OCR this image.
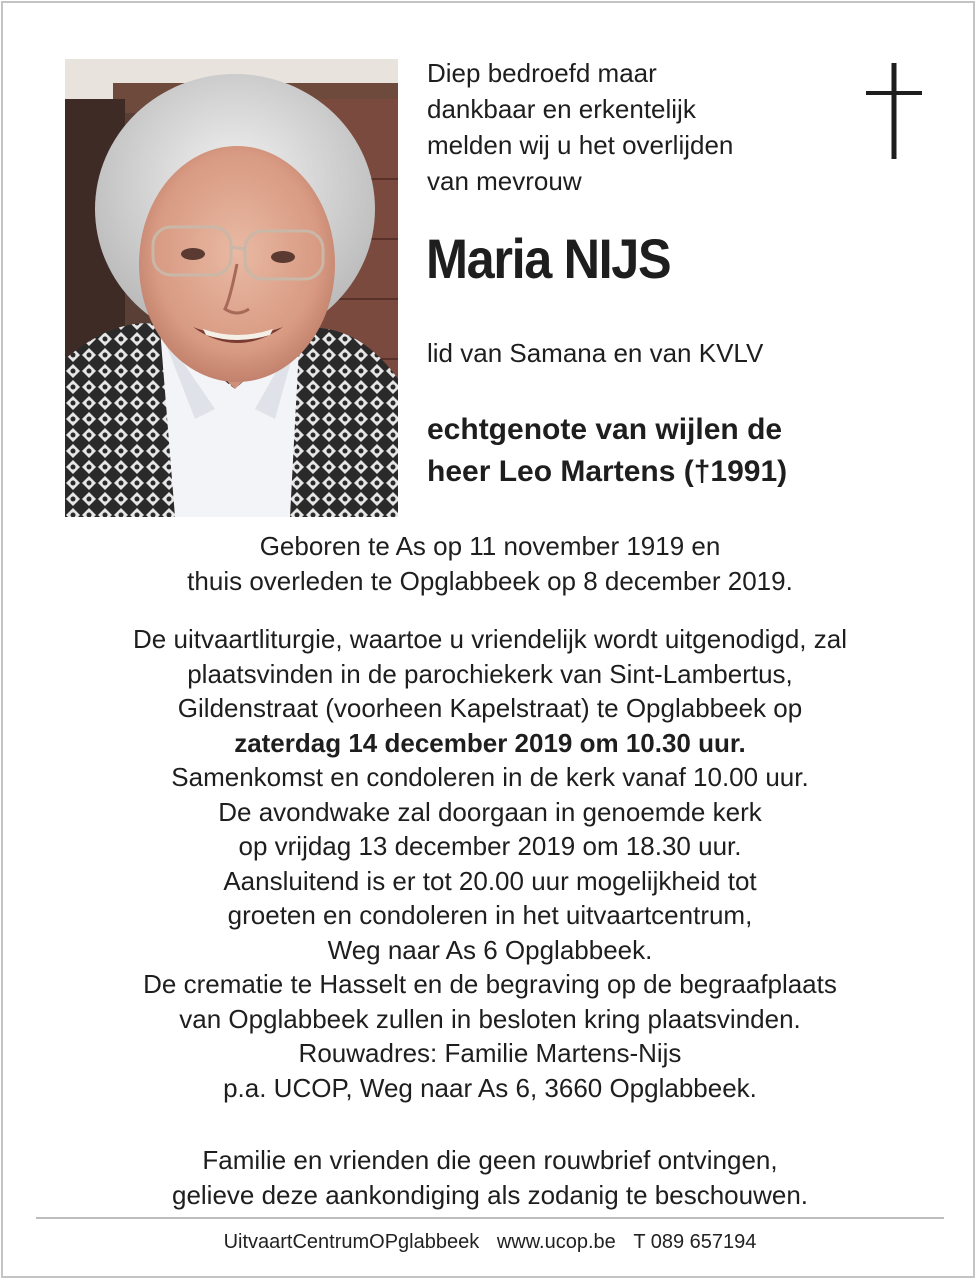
Diep bedroefd maar
dankbaar en erkentelijk
melden wij u het overlijden
van mevrouw
Maria NIJS
lid van Samana en van KVLV
echtgenote van wijlen de
heer Leo Martens (†1991)
Geboren te As op 11 november 1919 en
thuis overleden te Opglabbeek op 8 december 2019.
De uitvaartliturgie, waartoe u vriendelijk wordt uitgenodigd, zal
plaatsvinden in de parochiekerk van Sint-Lambertus,
Gildenstraat (voorheen Kapelstraat) te Opglabbeek op
zaterdag 14 december 2019 om 10.30 uur.
Samenkomst en condoleren in de kerk vanaf 10.00 uur.
De avondwake zal doorgaan in genoemde kerk
op vrijdag 13 december 2019 om 18.30 uur.
Aansluitend is er tot 20.00 uur mogelijkheid tot
groeten en condoleren in het uitvaartcentrum,
Weg naar As 6 Opglabbeek.
De crematie te Hasselt en de begraving op de begraafplaats
van Opglabbeek zullen in besloten kring plaatsvinden.
Rouwadres: Familie Martens-Nijs
p.a. UCOP, Weg naar As 6, 3660 Opglabbeek.
Familie en vrienden die geen rouwbrief ontvingen,
gelieve deze aankondiging als zodanig te beschouwen.
UitvaartCentrumOPglabbeek www.ucop.be T 089 657194
